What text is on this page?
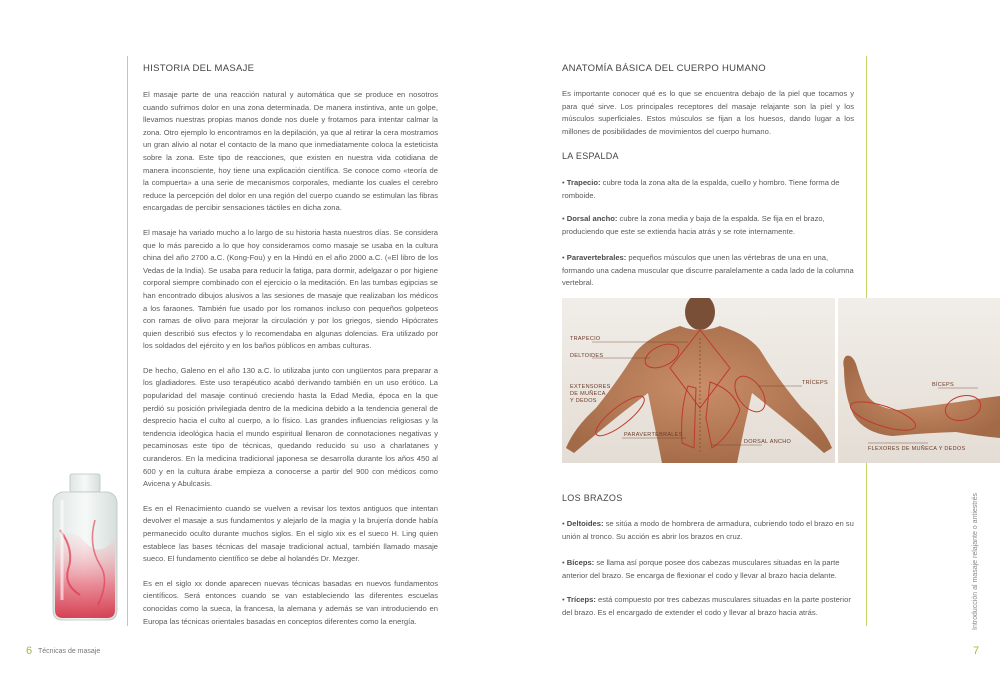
HISTORIA DEL MASAJE

El masaje parte de una reacción natural y automática que se produce en nosotros cuando sufrimos dolor en una zona determinada. De manera instintiva, ante un golpe, llevamos nuestras propias manos donde nos duele y frotamos para intentar calmar la zona. Otro ejemplo lo encontramos en la depilación, ya que al retirar la cera mostramos un gran alivio al notar el contacto de la mano que inmediatamente coloca la esteticista sobre la zona. Este tipo de reacciones, que existen en nuestra vida cotidiana de manera inconsciente, hoy tiene una explicación científica. Se conoce como «teoría de la compuerta» a una serie de mecanismos corporales, mediante los cuales el cerebro reduce la percepción del dolor en una región del cuerpo cuando se estimulan las fibras encargadas de percibir sensaciones táctiles en dicha zona.

El masaje ha variado mucho a lo largo de su historia hasta nuestros días. Se considera que lo más parecido a lo que hoy consideramos como masaje se usaba en la cultura china del año 2700 a.C. (Kong-Fou) y en la Hindú en el año 2000 a.C. («El libro de los Vedas de la India). Se usaba para reducir la fatiga, para dormir, adelgazar o por higiene corporal siempre combinado con el ejercicio o la meditación. En las tumbas egipcias se han encontrado dibujos alusivos a las sesiones de masaje que realizaban los médicos a los faraones. También fue usado por los romanos incluso con pequeños golpeteos con ramas de olivo para mejorar la circulación y por los griegos, siendo Hipócrates quien describió sus efectos y lo recomendaba en algunas dolencias. Era utilizado por los soldados del ejército y en los baños públicos en ambas culturas.

De hecho, Galeno en el año 130 a.C. lo utilizaba junto con ungüentos para preparar a los gladiadores. Este uso terapéutico acabó derivando también en un uso erótico. La popularidad del masaje continuó creciendo hasta la Edad Media, época en la que perdió su posición privilegiada dentro de la medicina debido a la tendencia general de desprecio hacia el culto al cuerpo, a lo físico. Las grandes influencias religiosas y la tendencia ideológica hacia el mundo espiritual llenaron de connotaciones negativas y pecaminosas este tipo de técnicas, quedando reducido su uso a charlatanes y curanderos. En la medicina tradicional japonesa se desarrolla durante los años 450 al 600 y en la cultura árabe empieza a conocerse a partir del 900 con médicos como Avicena y Abulcasis.

Es en el Renacimiento cuando se vuelven a revisar los textos antiguos que intentan devolver el masaje a sus fundamentos y alejarlo de la magia y la brujería donde había permanecido oculto durante muchos siglos. En el siglo xix es el sueco H. Ling quien establece las bases técnicas del masaje tradicional actual, también llamado masaje sueco. El fundamento científico se debe al holandés Dr. Mezger.

Es en el siglo xx donde aparecen nuevas técnicas basadas en nuevos fundamentos científicos. Será entonces cuando se van estableciendo las diferentes escuelas conocidas como la sueca, la francesa, la alemana y además se van introduciendo en Europa las técnicas orientales basadas en conceptos diferentes como la energía.

6 Técnicas de masaje
ANATOMÍA BÁSICA DEL CUERPO HUMANO
Es importante conocer qué es lo que se encuentra debajo de la piel que tocamos y para qué sirve. Los principales receptores del masaje relajante son la piel y los músculos superficiales. Estos músculos se fijan a los huesos, dando lugar a los millones de posibilidades de movimientos del cuerpo humano.
LA ESPALDA
• Trapecio: cubre toda la zona alta de la espalda, cuello y hombro. Tiene forma de romboide.
• Dorsal ancho: cubre la zona media y baja de la espalda. Se fija en el brazo, produciendo que este se extienda hacia atrás y se rote internamente.
• Paravertebrales: pequeños músculos que unen las vértebras de una en una, formando una cadena muscular que discurre paralelamente a cada lado de la columna vertebral.
TRAPECIO
DELTOIDES
EXTENSORES
DE MUÑECA
Y DEDOS
PARAVERTEBRALES
DORSAL ANCHO
TRÍCEPS	BÍCEPS
FLEXORES DE MUÑECA Y DEDOS
LOS BRAZOS
• Deltoides: se sitúa a modo de hombrera de armadura, cubriendo todo el brazo en su unión al tronco. Su acción es abrir los brazos en cruz.
• Bíceps: se llama así porque posee dos cabezas musculares situadas en la parte anterior del brazo. Se encarga de flexionar el codo y llevar al brazo hacia delante.
• Tríceps: está compuesto por tres cabezas musculares situadas en la parte posterior del brazo. Es el encargado de extender el codo y llevar al brazo hacia atrás.	Introducción al masaje relajante o antiestrés
7
